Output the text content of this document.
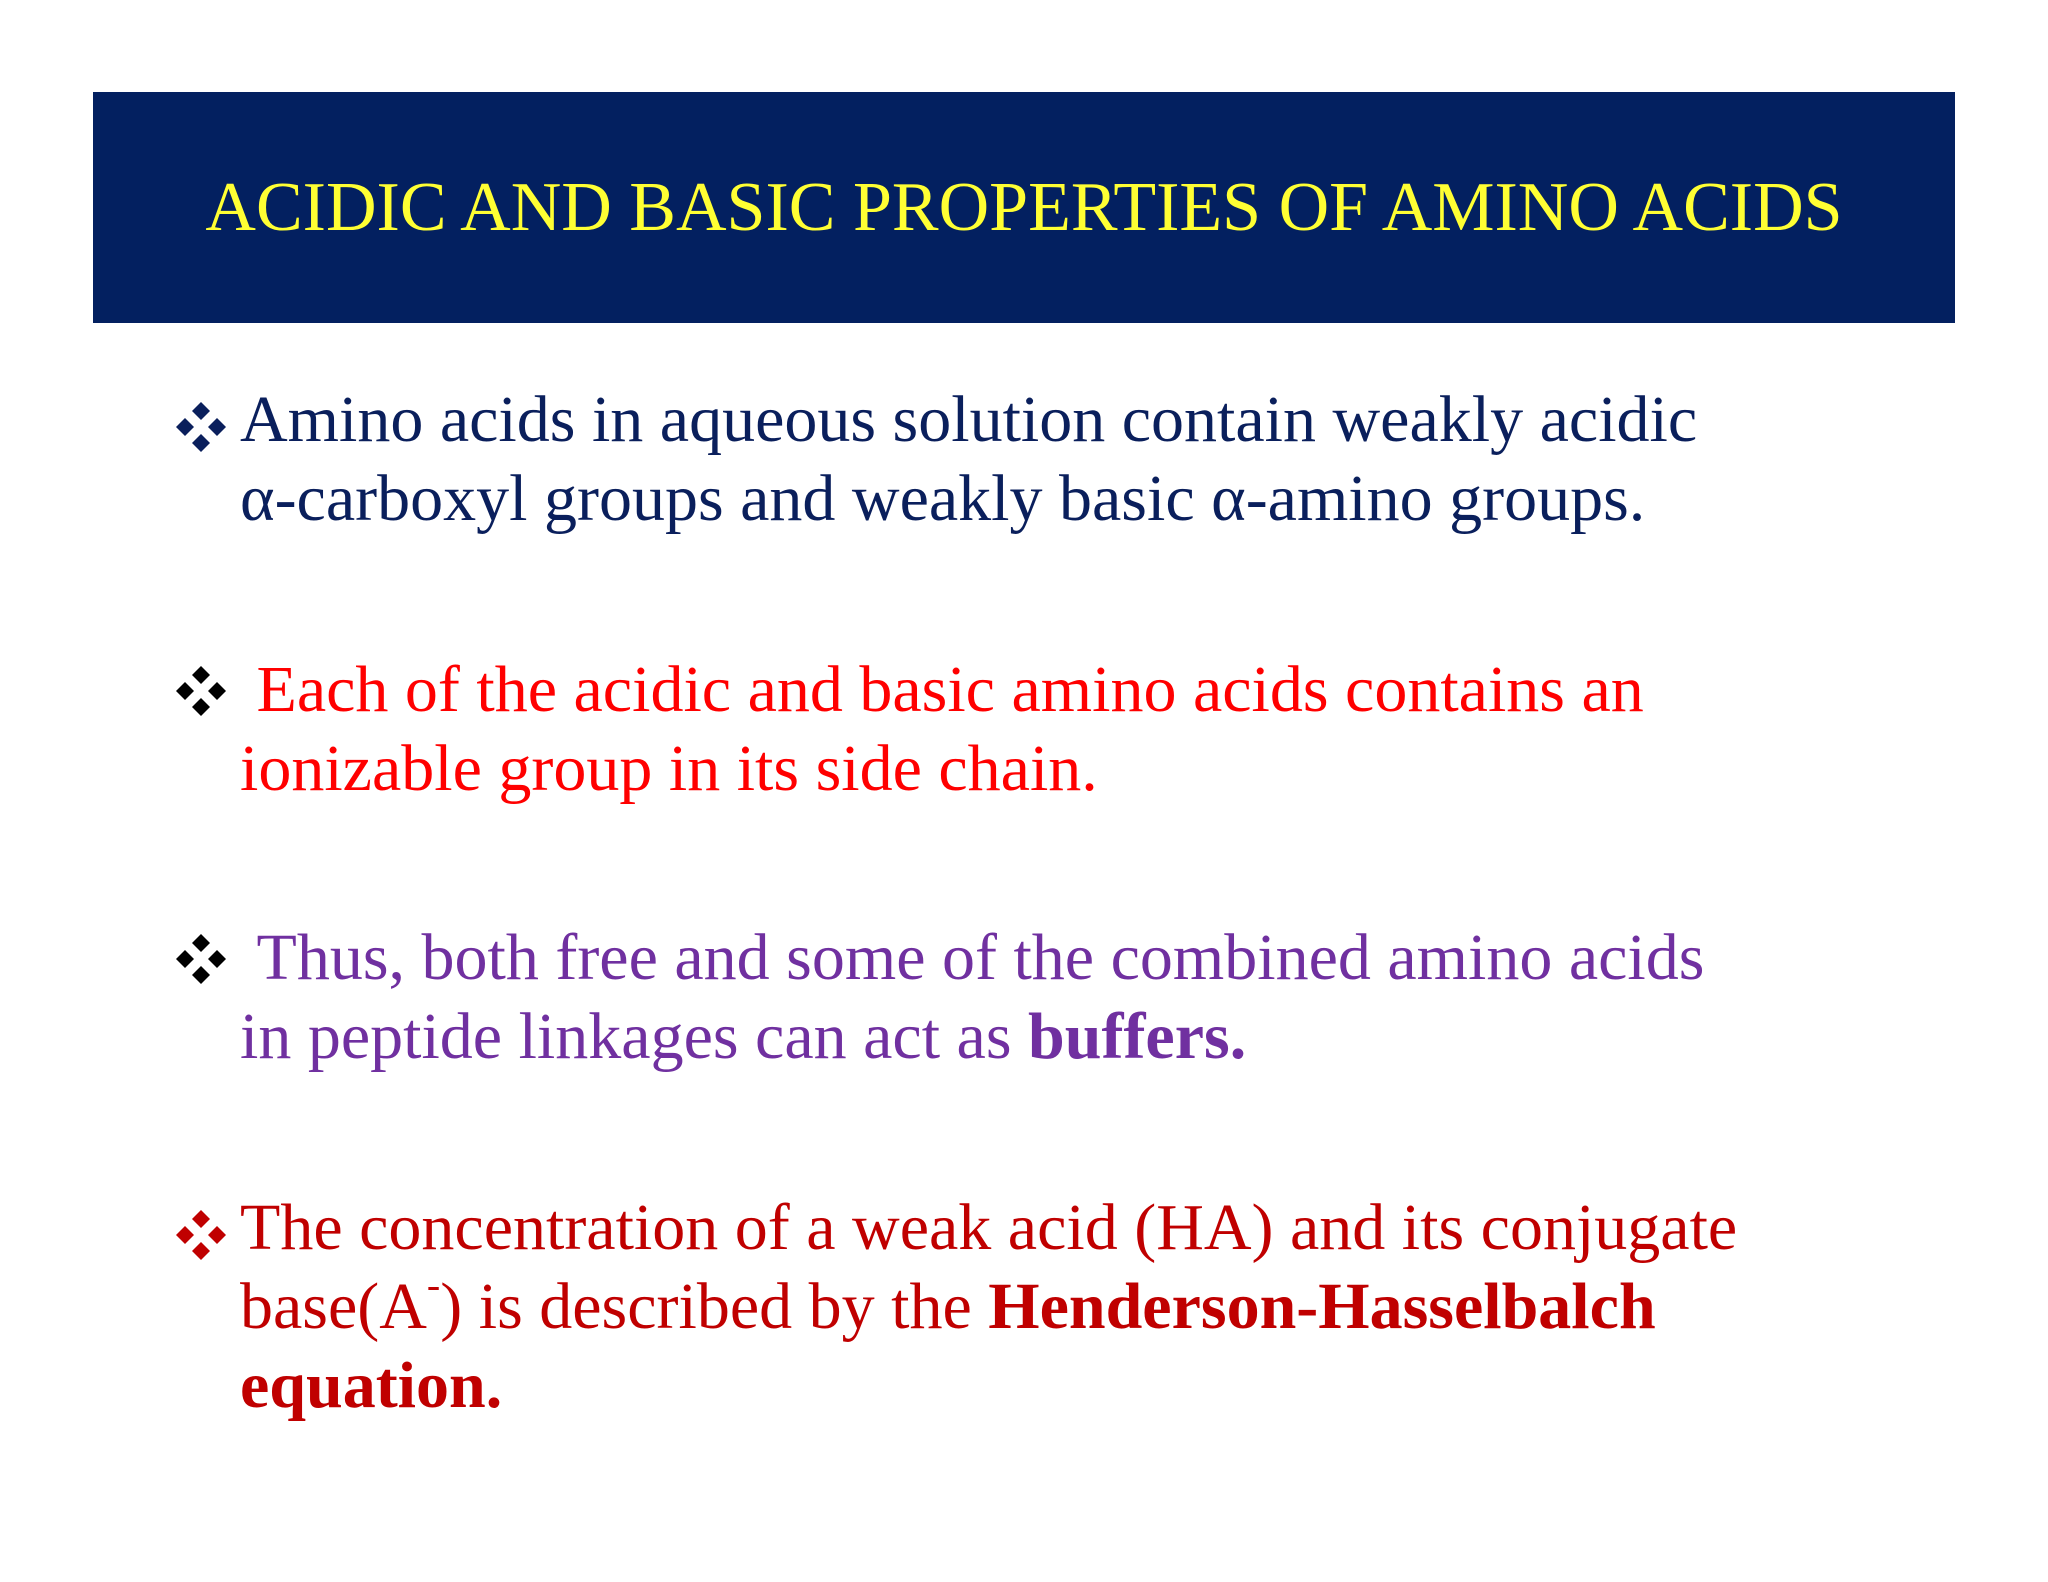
ACIDIC AND BASIC PROPERTIES OF AMINO ACIDS
Amino acids in aqueous solution contain weakly acidic
α-carboxyl groups and weakly basic α-amino groups.
Each of the acidic and basic amino acids contains an
ionizable group in its side chain.
Thus, both free and some of the combined amino acids
in peptide linkages can act as buffers.
The concentration of a weak acid (HA) and its conjugate
base(A-) is described by the Henderson-Hasselbalch
equation.
